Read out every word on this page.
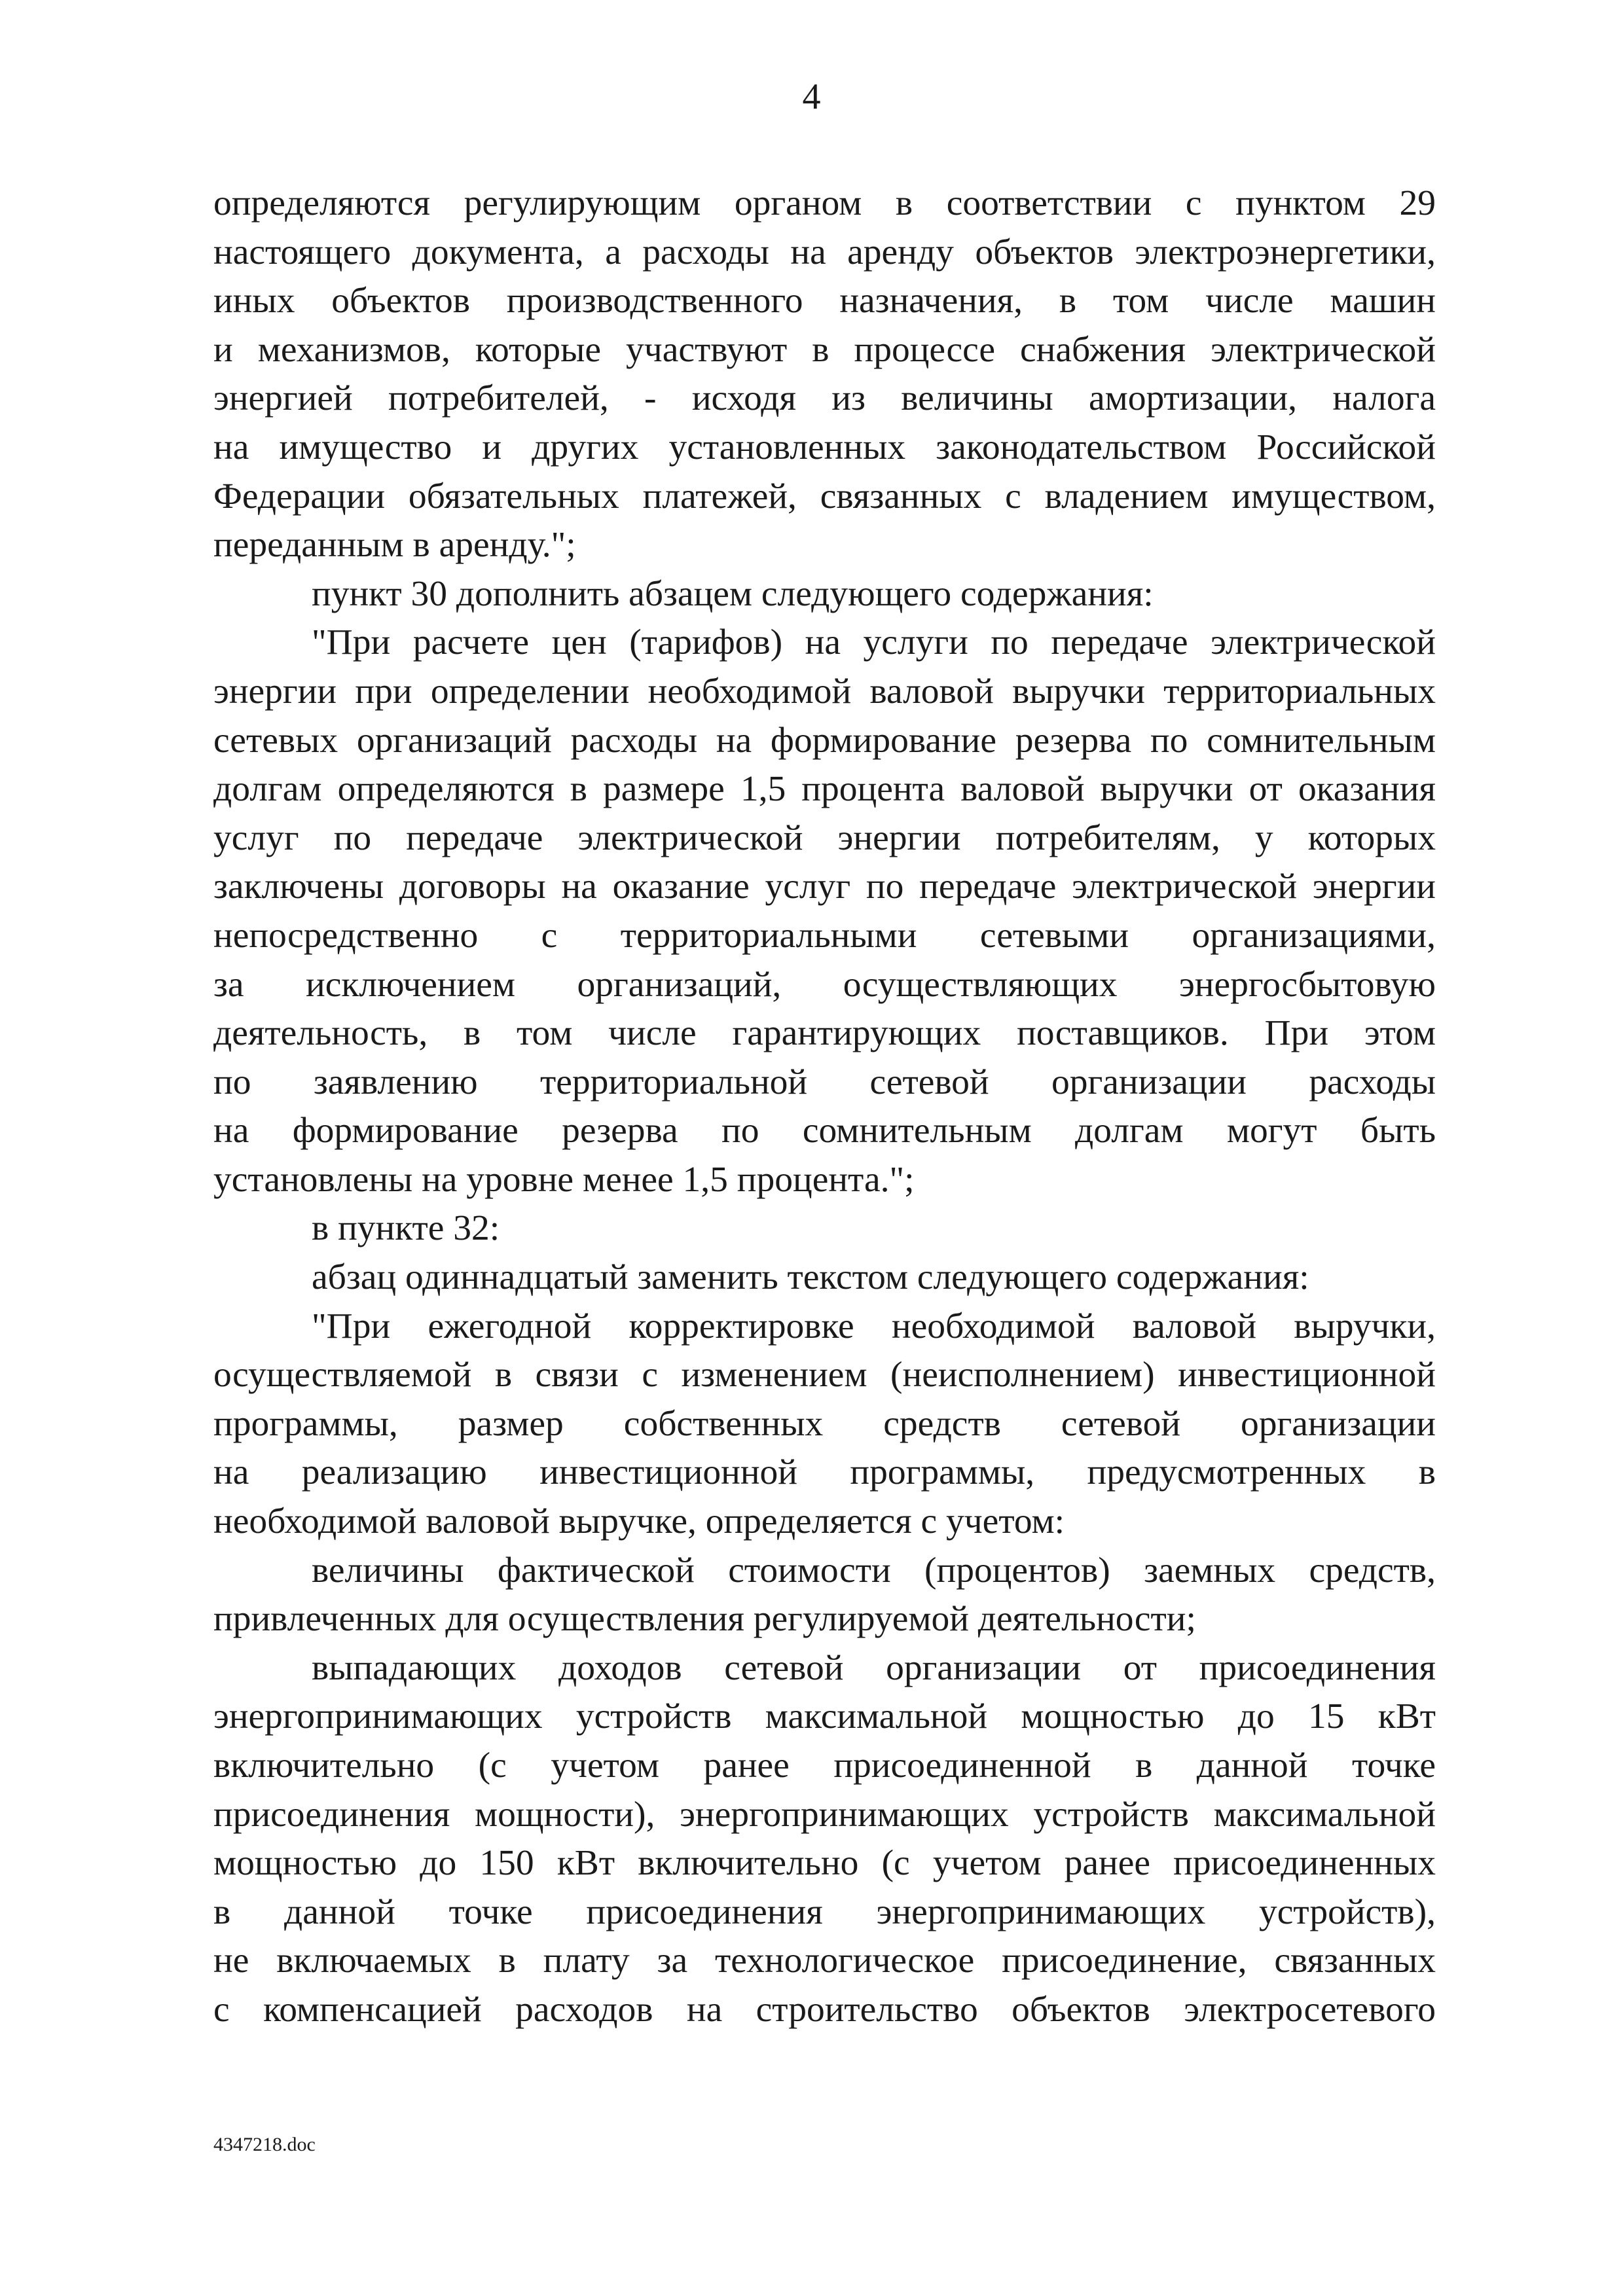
4

определяются регулирующим органом в соответствии с пунктом 29

настоящего документа, а расходы на аренду объектов электроэнергетики,

иных объектов производственного назначения, в том числе машин

и механизмов, которые участвуют в процессе снабжения электрической

энергией потребителей, - исходя из величины амортизации, налога

на имущество и других установленных законодательством Российской

Федерации обязательных платежей, связанных с владением имуществом,

переданным в аренду.";

пункт 30 дополнить абзацем следующего содержания:

"При расчете цен (тарифов) на услуги по передаче электрической

энергии при определении необходимой валовой выручки территориальных

сетевых организаций расходы на формирование резерва по сомнительным

долгам определяются в размере 1,5 процента валовой выручки от оказания

услуг по передаче электрической энергии потребителям, у которых

заключены договоры на оказание услуг по передаче электрической энергии

непосредственно с территориальными сетевыми организациями,

за исключением организаций, осуществляющих энергосбытовую

деятельность, в том числе гарантирующих поставщиков. При этом

по заявлению территориальной сетевой организации расходы

на формирование резерва по сомнительным долгам могут быть

установлены на уровне менее 1,5 процента.";

в пункте 32:

абзац одиннадцатый заменить текстом следующего содержания:

"При ежегодной корректировке необходимой валовой выручки,

осуществляемой в связи с изменением (неисполнением) инвестиционной

программы, размер собственных средств сетевой организации

на реализацию инвестиционной программы, предусмотренных в

необходимой валовой выручке, определяется с учетом:

величины фактической стоимости (процентов) заемных средств,

привлеченных для осуществления регулируемой деятельности;

выпадающих доходов сетевой организации от присоединения

энергопринимающих устройств максимальной мощностью до 15 кВт

включительно (с учетом ранее присоединенной в данной точке

присоединения мощности), энергопринимающих устройств максимальной

мощностью до 150 кВт включительно (с учетом ранее присоединенных

в данной точке присоединения энергопринимающих устройств),

не включаемых в плату за технологическое присоединение, связанных

с компенсацией расходов на строительство объектов электросетевого

4347218.doc
